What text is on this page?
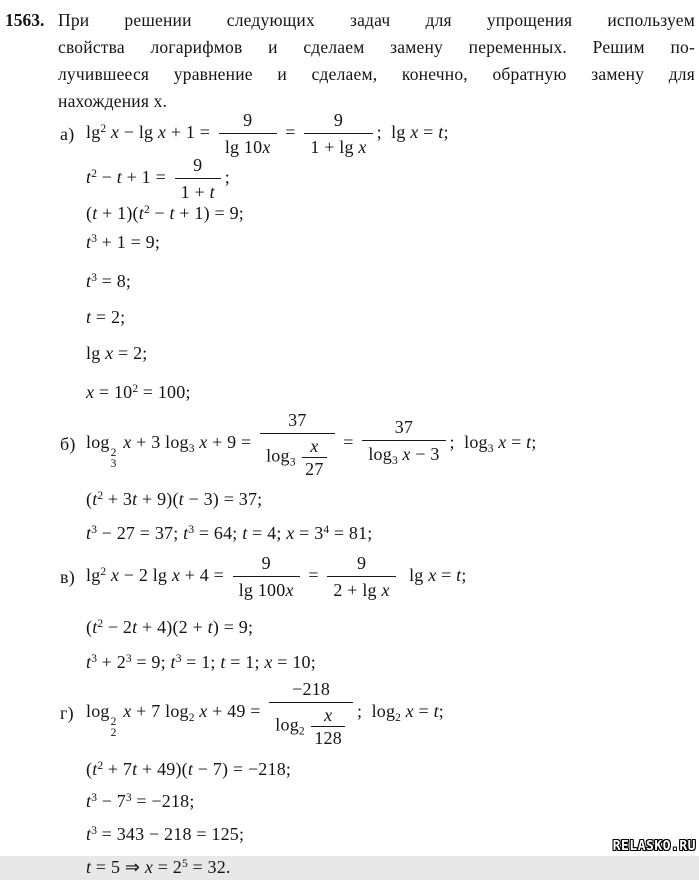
1563. При решении следующих задач для упрощения используем
свойства логарифмов и сделаем замену переменных. Решим по-
лучившееся уравнение и сделаем, конечно, обратную замену для
нахождения x.
а) $\lg^2 x - \lg x + 1 = \frac{9}{\lg 10x} = \frac{9}{\text{1 + lg x}}$ ;  lg x = t;
$t^2 - t + 1 = \frac{9}{1 + t}$ ;
$(t + 1)(t^2 - t + 1) = 9$;
$t^3 + 1 = 9$;
$t^3 = 8$;
t = 2;
lg x = 2;
$x = 10^2 = 100$;
б) log
2
3
x + 3 $\log_3 x + 9 = \frac{37}{\log_3 \frac{x}{27}} = \frac{37}{\log_3 x - 3}$ ;  $\log_3 x = t$;
$(t^2 + 3t + 9)(t - 3) = 37$;
$t^3 - 27 = 37$; $t^3 = 64$; t = 4; $x = 3^4 = 81$;
в) $\lg^2 x - 2$ $\lg x + 4 = \frac{9}{\lg 100x} = \frac{9}{\text{2 + lg x}}$ lg x = t;
$(t^2 - 2t + 4)(2 + t) = 9$;
$t^3 + 2^3 = 9$; $t^3 = 1$; t = 1; x = 10;
г) log
2
2
x + 7 $\log_2 x + 49 = \frac{-218}{\log_2 \frac{x}{128}}$ ;  $\log_2 x = t$;
$(t^2 + 7t + 49)(t - 7) = -218$;
$t^3 - 7^3 = -218$;
$t^3 = 343 - 218 = 125$;
t = 5 ⇒ $x = 2^5 = 32$.
RELASKO.RU
